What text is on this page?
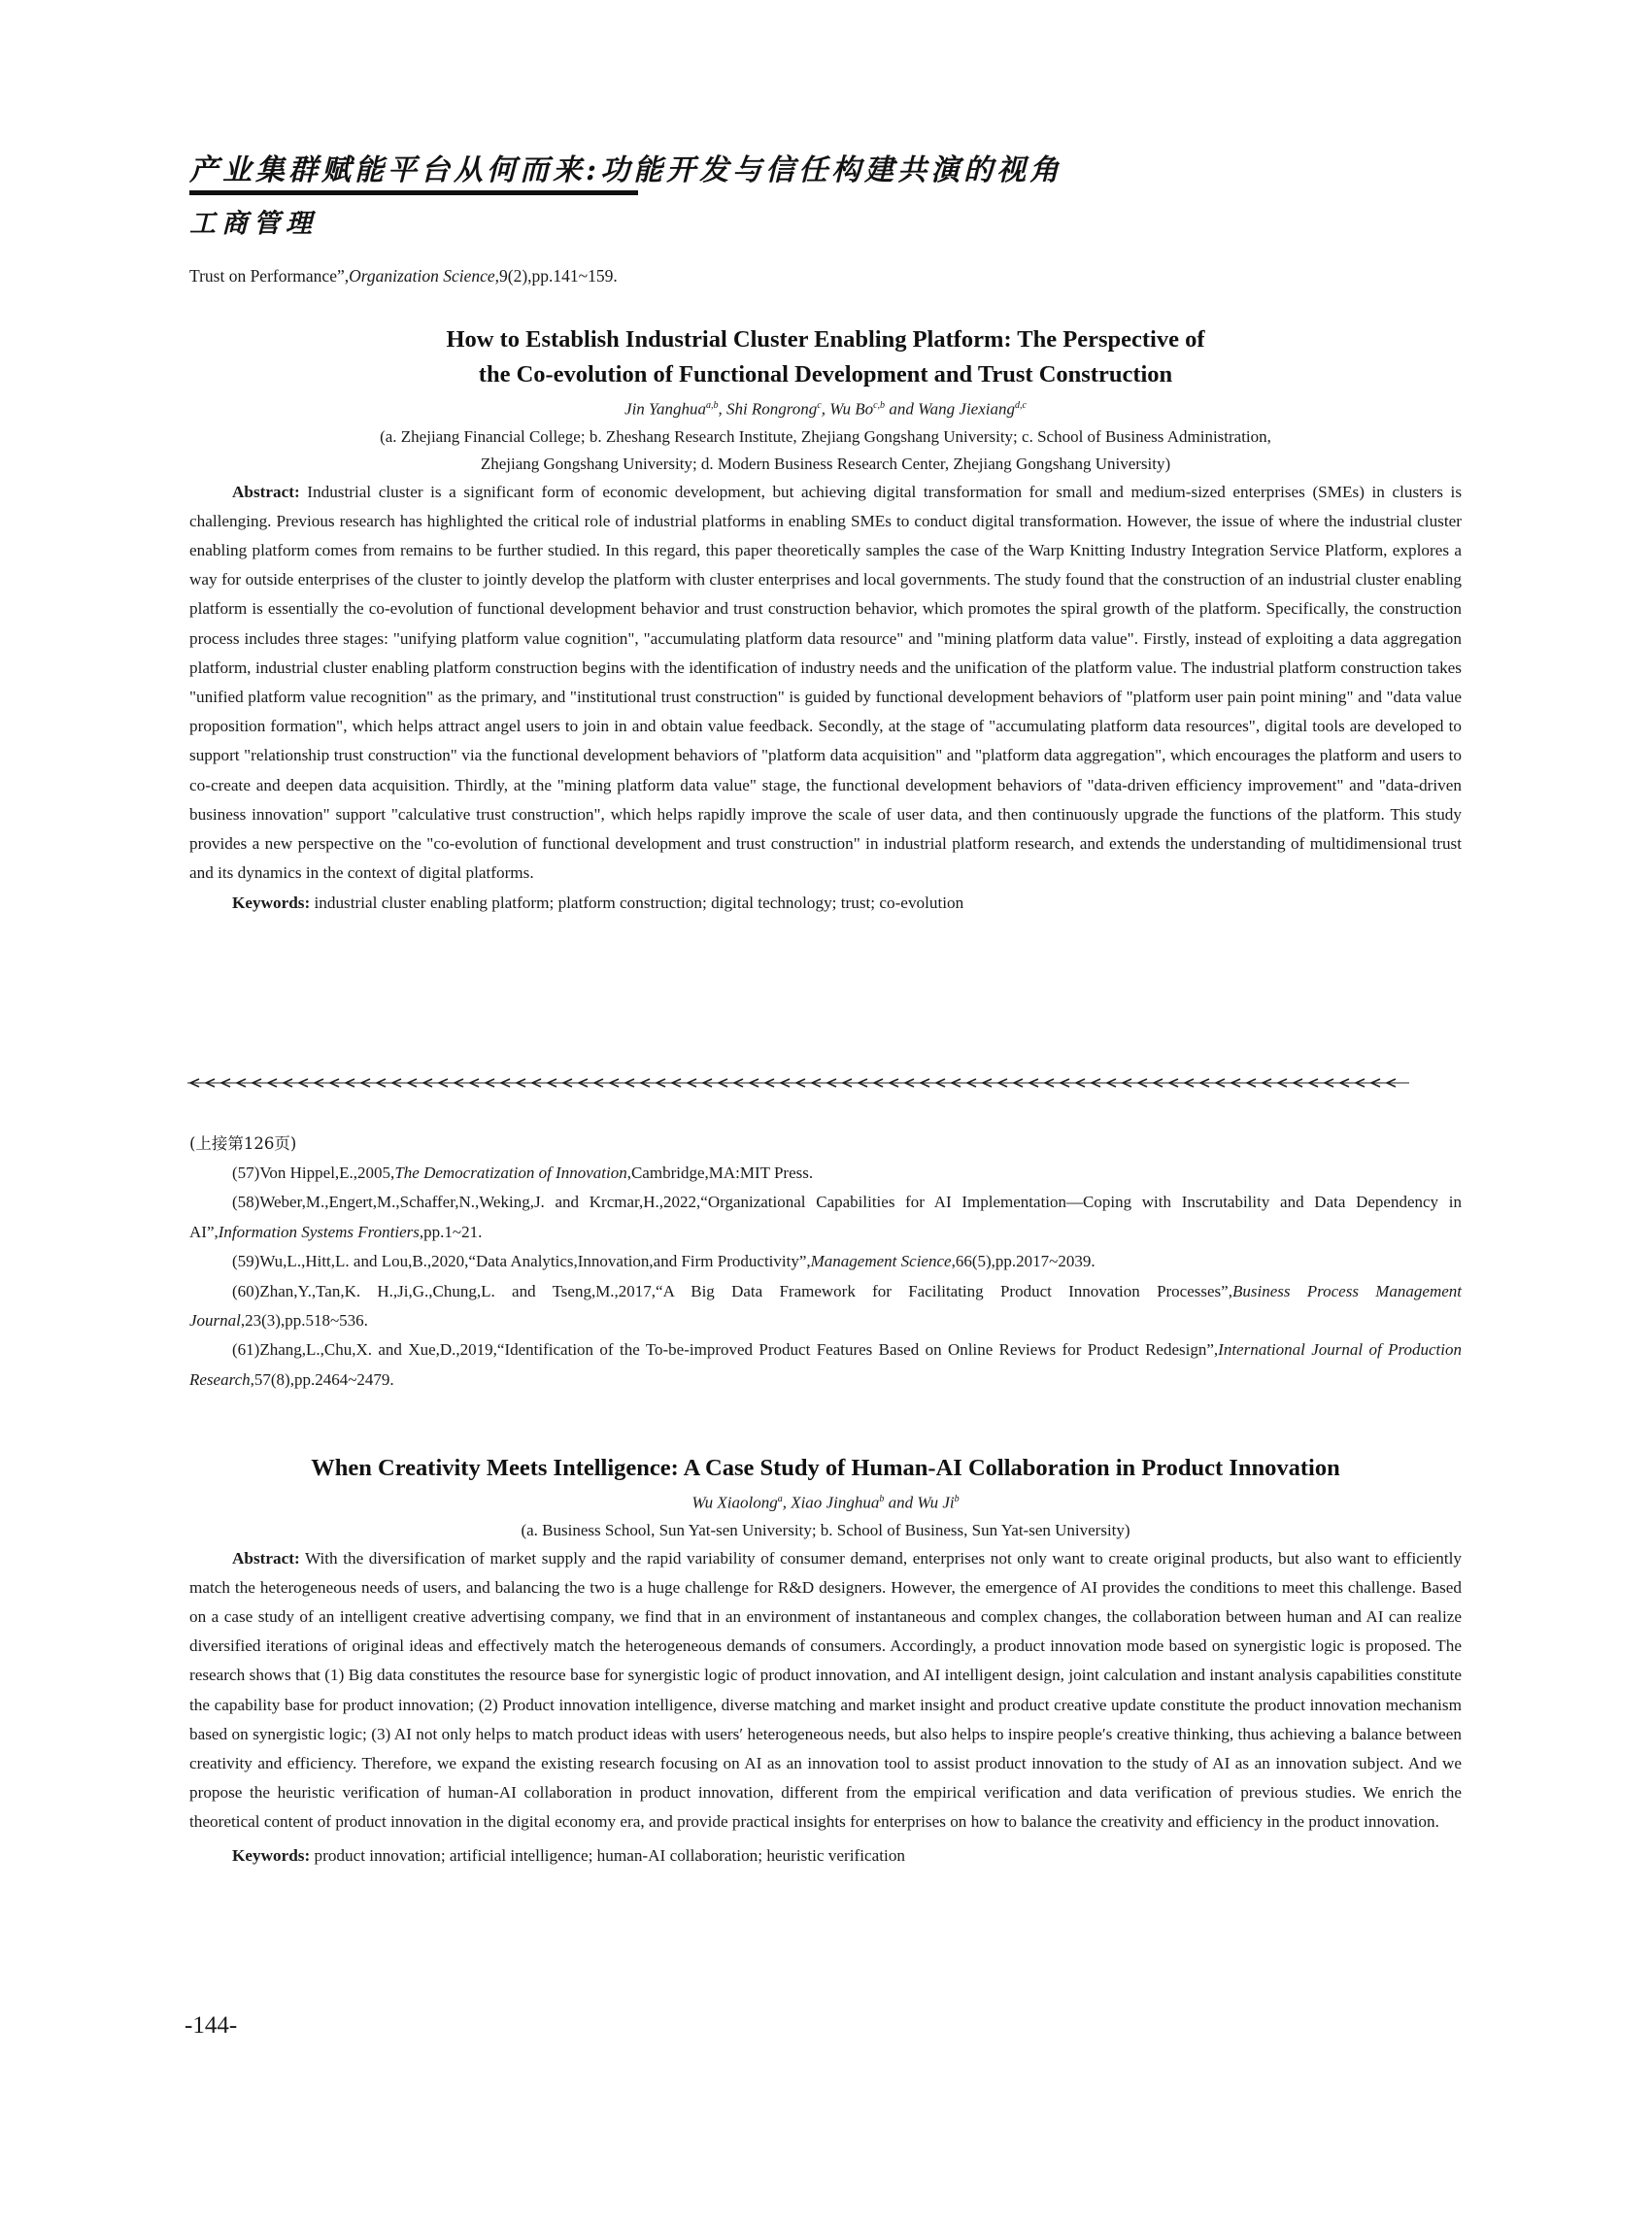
产业集群赋能平台从何而来:功能开发与信任构建共演的视角
工商管理
Trust on Performance”,Organization Science,9(2),pp.141~159.
How to Establish Industrial Cluster Enabling Platform: The Perspective of
the Co-evolution of Functional Development and Trust Construction
Jin Yanghua$^{a,b}$, Shi Rongrong$^c$, Wu Bo$^{c,b}$ and Wang Jiexiang$^{d,c}$
(a. Zhejiang Financial College; b. Zheshang Research Institute, Zhejiang Gongshang University; c. School of Business Administration,
Zhejiang Gongshang University; d. Modern Business Research Center, Zhejiang Gongshang University)

Abstract: Industrial cluster is a significant form of economic development, but achieving digital transformation for small and medium-sized enterprises (SMEs) in clusters is challenging. Previous research has highlighted the critical role of industrial platforms in enabling SMEs to conduct digital transformation. However, the issue of where the industrial cluster enabling platform comes from remains to be further studied. In this regard, this paper theoretically samples the case of the Warp Knitting Industry Integration Service Platform, explores a way for outside enterprises of the cluster to jointly develop the platform with cluster enterprises and local governments. The study found that the construction of an industrial cluster enabling platform is essentially the co-evolution of functional development behavior and trust construction behavior, which promotes the spiral growth of the platform. Specifically, the construction process includes three stages: "unifying platform value cognition", "accumulating platform data resource" and "mining platform data value". Firstly, instead of exploiting a data aggregation platform, industrial cluster enabling platform construction begins with the identification of industry needs and the unification of the platform value. The industrial platform construction takes "unified platform value recognition" as the primary, and "institutional trust construction" is guided by functional development behaviors of "platform user pain point mining" and "data value proposition formation", which helps attract angel users to join in and obtain value feedback. Secondly, at the stage of "accumulating platform data resources", digital tools are developed to support "relationship trust construction" via the functional development behaviors of "platform data acquisition" and "platform data aggregation", which encourages the platform and users to co-create and deepen data acquisition. Thirdly, at the "mining platform data value" stage, the functional development behaviors of "data-driven efficiency improvement" and "data-driven business innovation" support "calculative trust construction", which helps rapidly improve the scale of user data, and then continuously upgrade the functions of the platform. This study provides a new perspective on the "co-evolution of functional development and trust construction" in industrial platform research, and extends the understanding of multidimensional trust and its dynamics in the context of digital platforms.

Keywords: industrial cluster enabling platform; platform construction; digital technology; trust; co-evolution

(上接第126页)

(57)Von Hippel,E.,2005,The Democratization of Innovation,Cambridge,MA:MIT Press.

(58)Weber,M.,Engert,M.,Schaffer,N.,Weking,J. and Krcmar,H.,2022,“Organizational Capabilities for AI Implementation—Coping with Inscrutability and Data Dependency in AI”,Information Systems Frontiers,pp.1~21.

(59)Wu,L.,Hitt,L. and Lou,B.,2020,“Data Analytics,Innovation,and Firm Productivity”,Management Science,66(5),pp.2017~2039.

(60)Zhan,Y.,Tan,K. H.,Ji,G.,Chung,L. and Tseng,M.,2017,“A Big Data Framework for Facilitating Product Innovation Processes”,Business Process Management Journal,23(3),pp.518~536.

(61)Zhang,L.,Chu,X. and Xue,D.,2019,“Identification of the To-be-improved Product Features Based on Online Reviews for Product Redesign”,International Journal of Production Research,57(8),pp.2464~2479.

When Creativity Meets Intelligence: A Case Study of Human-AI Collaboration in Product Innovation
Wu Xiaolong$^a$, Xiao Jinghua$^b$ and Wu Ji$^b$
(a. Business School, Sun Yat-sen University; b. School of Business, Sun Yat-sen University)

Abstract: With the diversification of market supply and the rapid variability of consumer demand, enterprises not only want to create original products, but also want to efficiently match the heterogeneous needs of users, and balancing the two is a huge challenge for R&D designers. However, the emergence of AI provides the conditions to meet this challenge. Based on a case study of an intelligent creative advertising company, we find that in an environment of instantaneous and complex changes, the collaboration between human and AI can realize diversified iterations of original ideas and effectively match the heterogeneous demands of consumers. Accordingly, a product innovation mode based on synergistic logic is proposed. The research shows that (1) Big data constitutes the resource base for synergistic logic of product innovation, and AI intelligent design, joint calculation and instant analysis capabilities constitute the capability base for product innovation; (2) Product innovation intelligence, diverse matching and market insight and product creative update constitute the product innovation mechanism based on synergistic logic; (3) AI not only helps to match product ideas with users′ heterogeneous needs, but also helps to inspire people′s creative thinking, thus achieving a balance between creativity and efficiency. Therefore, we expand the existing research focusing on AI as an innovation tool to assist product innovation to the study of AI as an innovation subject. And we propose the heuristic verification of human-AI collaboration in product innovation, different from the empirical verification and data verification of previous studies. We enrich the theoretical content of product innovation in the digital economy era, and provide practical insights for enterprises on how to balance the creativity and efficiency in the product innovation.

Keywords: product innovation; artificial intelligence; human-AI collaboration; heuristic verification

-144-
